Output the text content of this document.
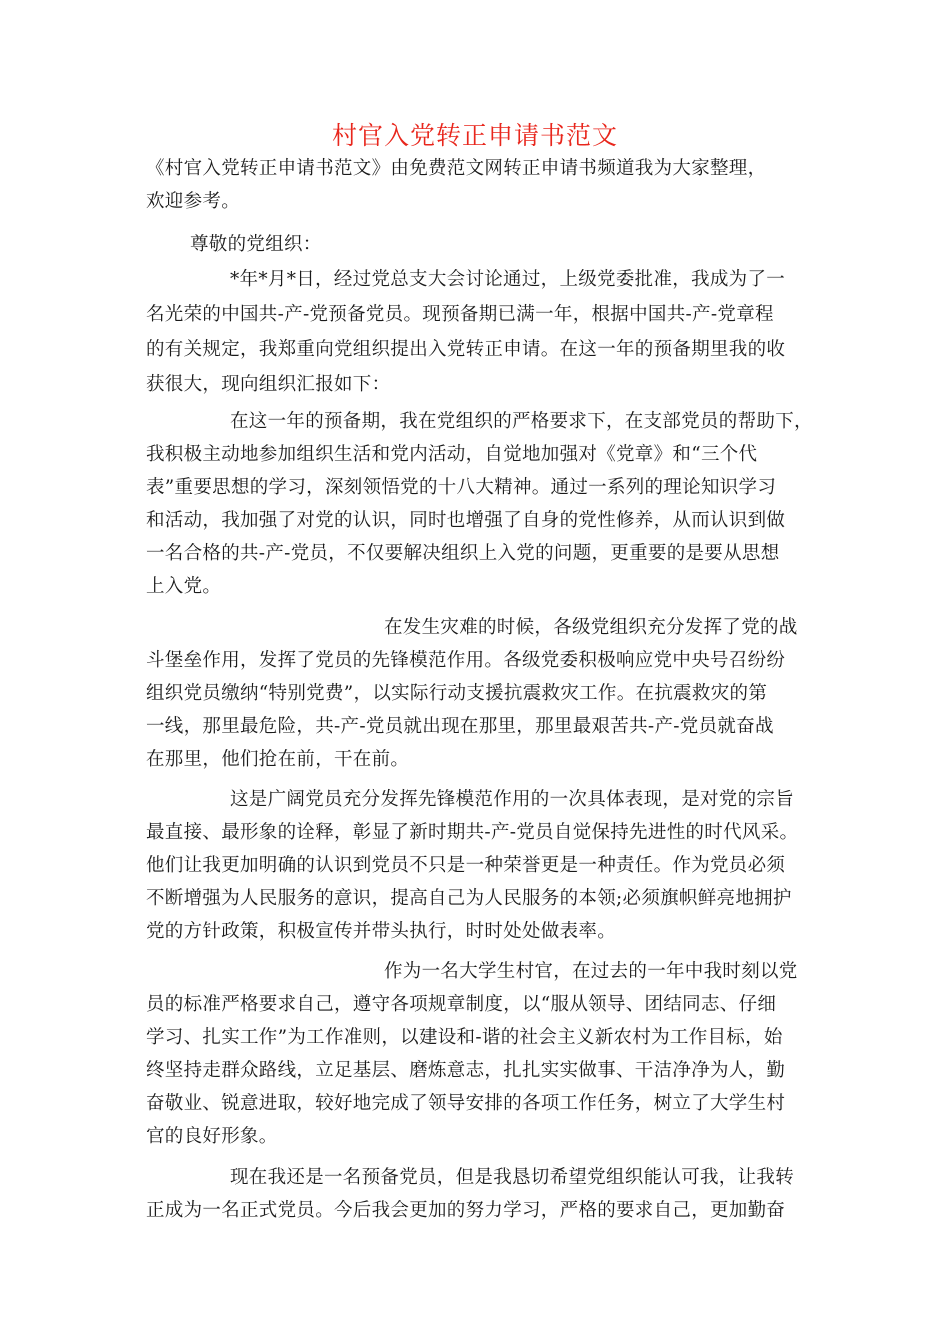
村官入党转正申请书范文
《村官入党转正申请书范文》由免费范文网转正申请书频道我为大家整理，
欢迎参考。
尊敬的党组织：
*年*月*日，经过党总支大会讨论通过，上级党委批准，我成为了一
名光荣的中国共-产-党预备党员。现预备期已满一年，根据中国共-产-党章程
的有关规定，我郑重向党组织提出入党转正申请。在这一年的预备期里我的收
获很大，现向组织汇报如下：
在这一年的预备期，我在党组织的严格要求下，在支部党员的帮助下，
我积极主动地参加组织生活和党内活动，自觉地加强对《党章》和“三个代
表”重要思想的学习，深刻领悟党的十八大精神。通过一系列的理论知识学习
和活动，我加强了对党的认识，同时也增强了自身的党性修养，从而认识到做
一名合格的共-产-党员，不仅要解决组织上入党的问题，更重要的是要从思想
上入党。
在发生灾难的时候，各级党组织充分发挥了党的战
斗堡垒作用，发挥了党员的先锋模范作用。各级党委积极响应党中央号召纷纷
组织党员缴纳“特别党费”，以实际行动支援抗震救灾工作。在抗震救灾的第
一线，那里最危险，共-产-党员就出现在那里，那里最艰苦共-产-党员就奋战
在那里，他们抢在前，干在前。
这是广阔党员充分发挥先锋模范作用的一次具体表现，是对党的宗旨
最直接、最形象的诠释，彰显了新时期共-产-党员自觉保持先进性的时代风采。
他们让我更加明确的认识到党员不只是一种荣誉更是一种责任。作为党员必须
不断增强为人民服务的意识，提高自己为人民服务的本领;必须旗帜鲜亮地拥护
党的方针政策，积极宣传并带头执行，时时处处做表率。
作为一名大学生村官，在过去的一年中我时刻以党
员的标准严格要求自己，遵守各项规章制度，以“服从领导、团结同志、仔细
学习、扎实工作”为工作准则，以建设和-谐的社会主义新农村为工作目标，始
终坚持走群众路线，立足基层、磨炼意志，扎扎实实做事、干洁净净为人，勤
奋敬业、锐意进取，较好地完成了领导安排的各项工作任务，树立了大学生村
官的良好形象。
现在我还是一名预备党员，但是我恳切希望党组织能认可我，让我转
正成为一名正式党员。今后我会更加的努力学习，严格的要求自己，更加勤奋
